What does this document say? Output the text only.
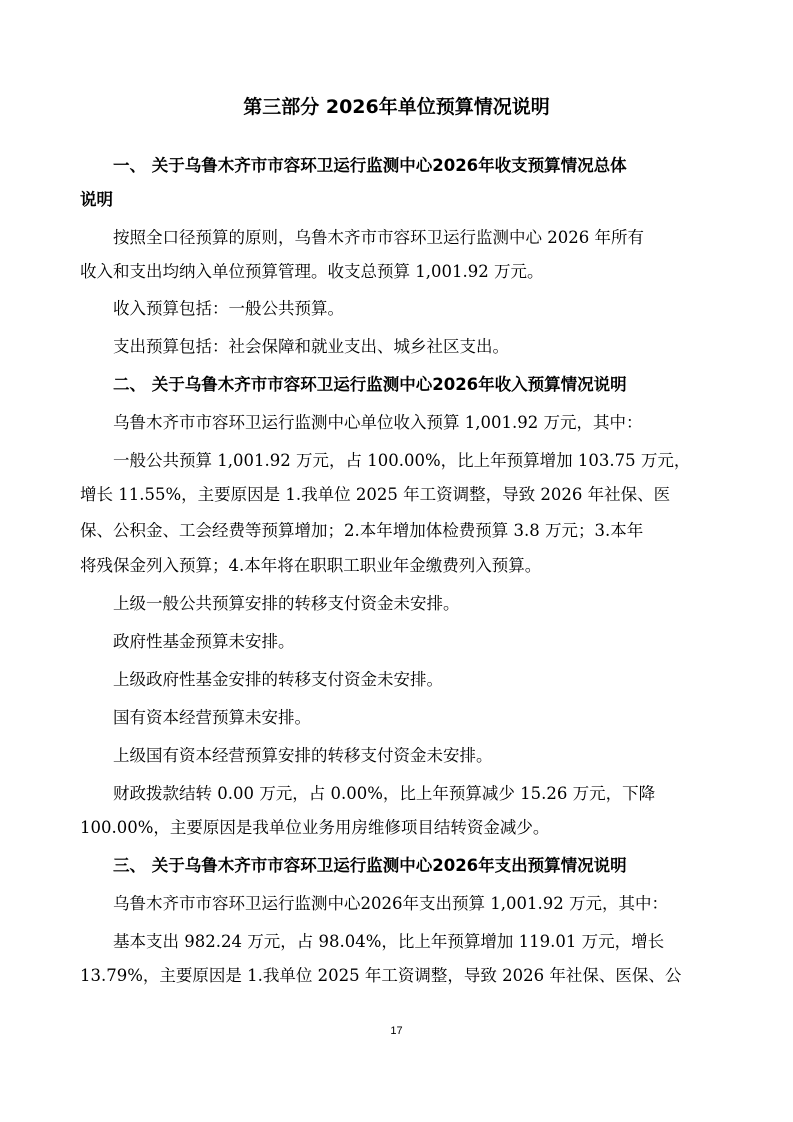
第三部分 2026年单位预算情况说明

一、 关于乌鲁木齐市市容环卫运行监测中心2026年收支预算情况总体

说明

按照全口径预算的原则，乌鲁木齐市市容环卫运行监测中心 2026 年所有

收入和支出均纳入单位预算管理。收支总预算 1,001.92 万元。

收入预算包括：一般公共预算。

支出预算包括：社会保障和就业支出、城乡社区支出。

二、 关于乌鲁木齐市市容环卫运行监测中心2026年收入预算情况说明

乌鲁木齐市市容环卫运行监测中心单位收入预算 1,001.92 万元，其中：

一般公共预算 1,001.92 万元，占 100.00%，比上年预算增加 103.75 万元，

增长 11.55%，主要原因是 1.我单位 2025 年工资调整，导致 2026 年社保、医

保、公积金、工会经费等预算增加；2.本年增加体检费预算 3.8 万元；3.本年

将残保金列入预算；4.本年将在职职工职业年金缴费列入预算。

上级一般公共预算安排的转移支付资金未安排。

政府性基金预算未安排。

上级政府性基金安排的转移支付资金未安排。

国有资本经营预算未安排。

上级国有资本经营预算安排的转移支付资金未安排。

财政拨款结转 0.00 万元，占 0.00%，比上年预算减少 15.26 万元，下降

100.00%，主要原因是我单位业务用房维修项目结转资金减少。

三、 关于乌鲁木齐市市容环卫运行监测中心2026年支出预算情况说明

乌鲁木齐市市容环卫运行监测中心2026年支出预算 1,001.92 万元，其中：

基本支出 982.24 万元，占 98.04%，比上年预算增加 119.01 万元，增长

13.79%，主要原因是 1.我单位 2025 年工资调整，导致 2026 年社保、医保、公

17
